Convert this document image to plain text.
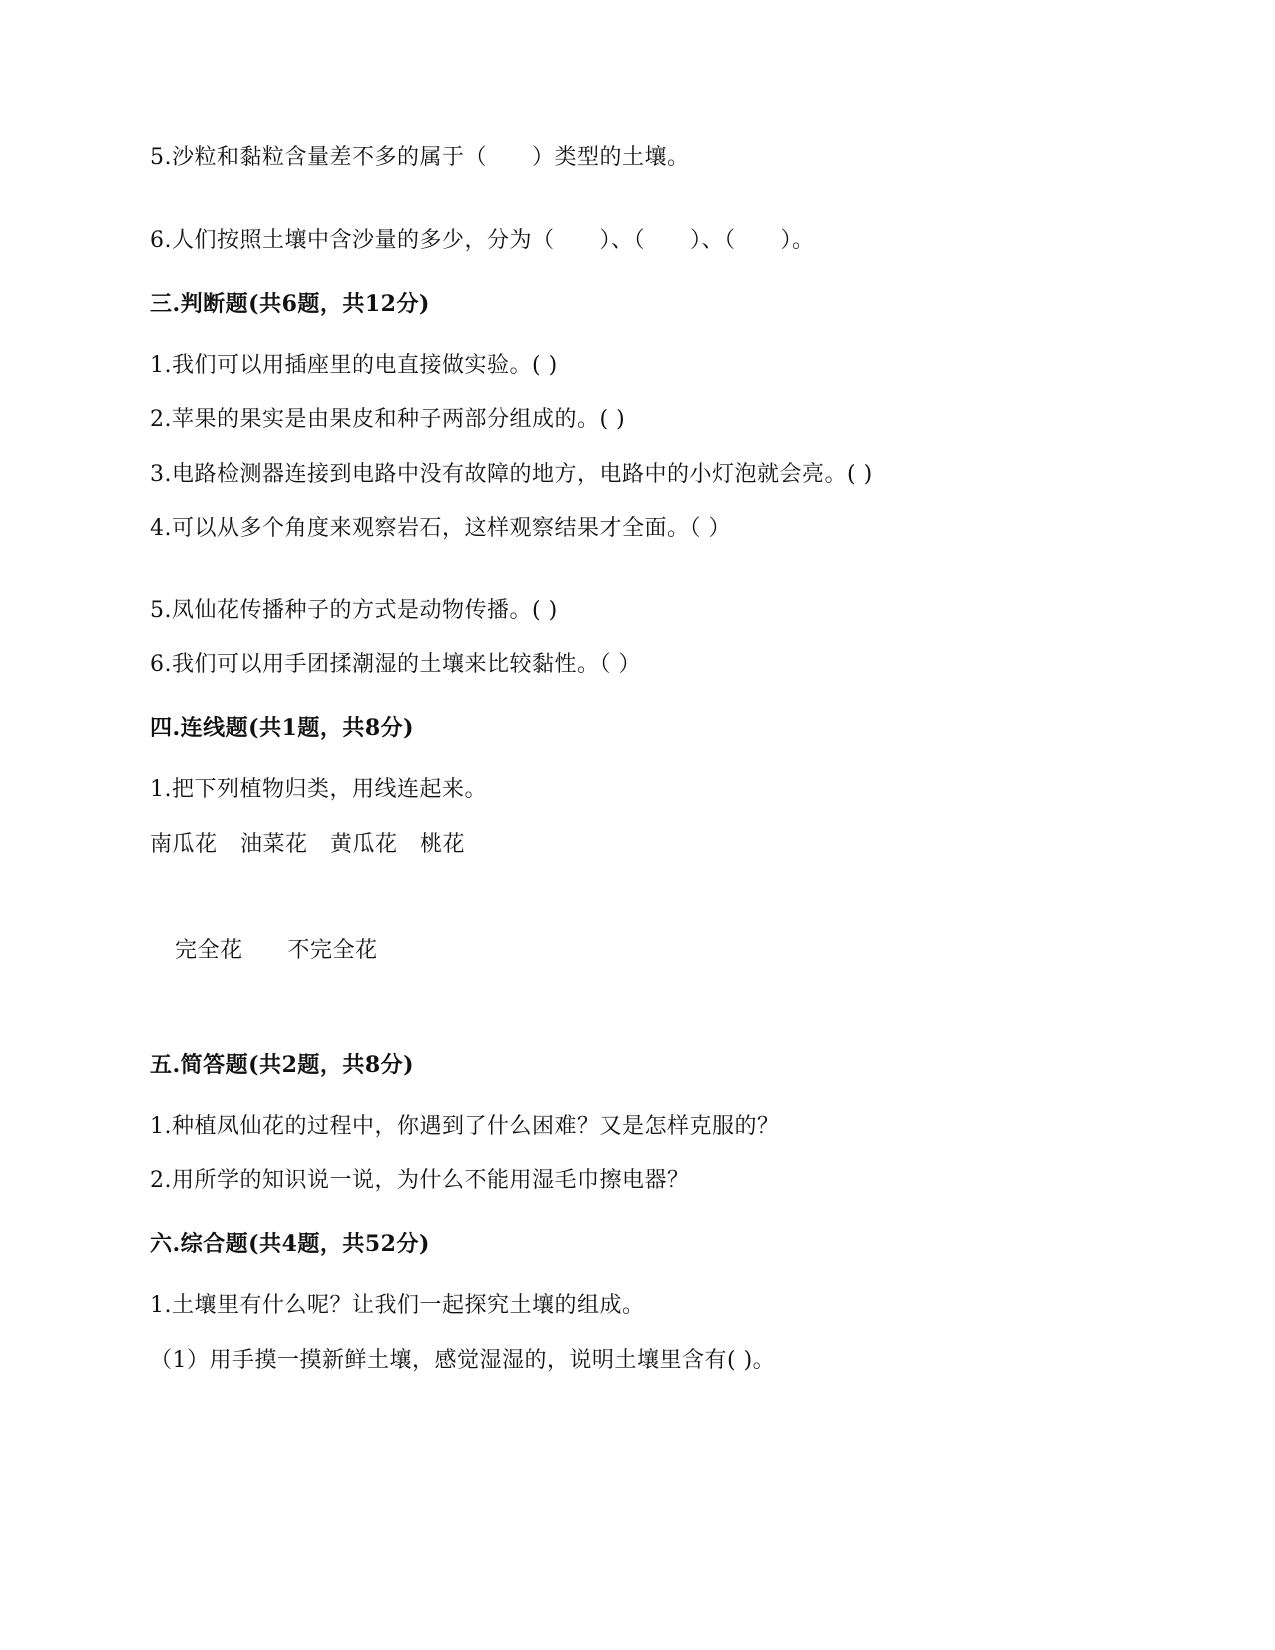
5.沙粒和黏粒含量差不多的属于（　　）类型的土壤。
6.人们按照土壤中含沙量的多少，分为（　　）、（　　）、（　　）。
三.判断题(共6题，共12分)
1.我们可以用插座里的电直接做实验。( )
2.苹果的果实是由果皮和种子两部分组成的。( )
3.电路检测器连接到电路中没有故障的地方，电路中的小灯泡就会亮。( )
4.可以从多个角度来观察岩石，这样观察结果才全面。（ ）
5.凤仙花传播种子的方式是动物传播。( )
6.我们可以用手团揉潮湿的土壤来比较黏性。（ ）
四.连线题(共1题，共8分)
1.把下列植物归类，用线连起来。
南瓜花　油菜花　黄瓜花　桃花
完全花　　不完全花
五.简答题(共2题，共8分)
1.种植凤仙花的过程中，你遇到了什么困难？又是怎样克服的？
2.用所学的知识说一说，为什么不能用湿毛巾擦电器？
六.综合题(共4题，共52分)
1.土壤里有什么呢？让我们一起探究土壤的组成。
（1）用手摸一摸新鲜土壤，感觉湿湿的，说明土壤里含有( )。
